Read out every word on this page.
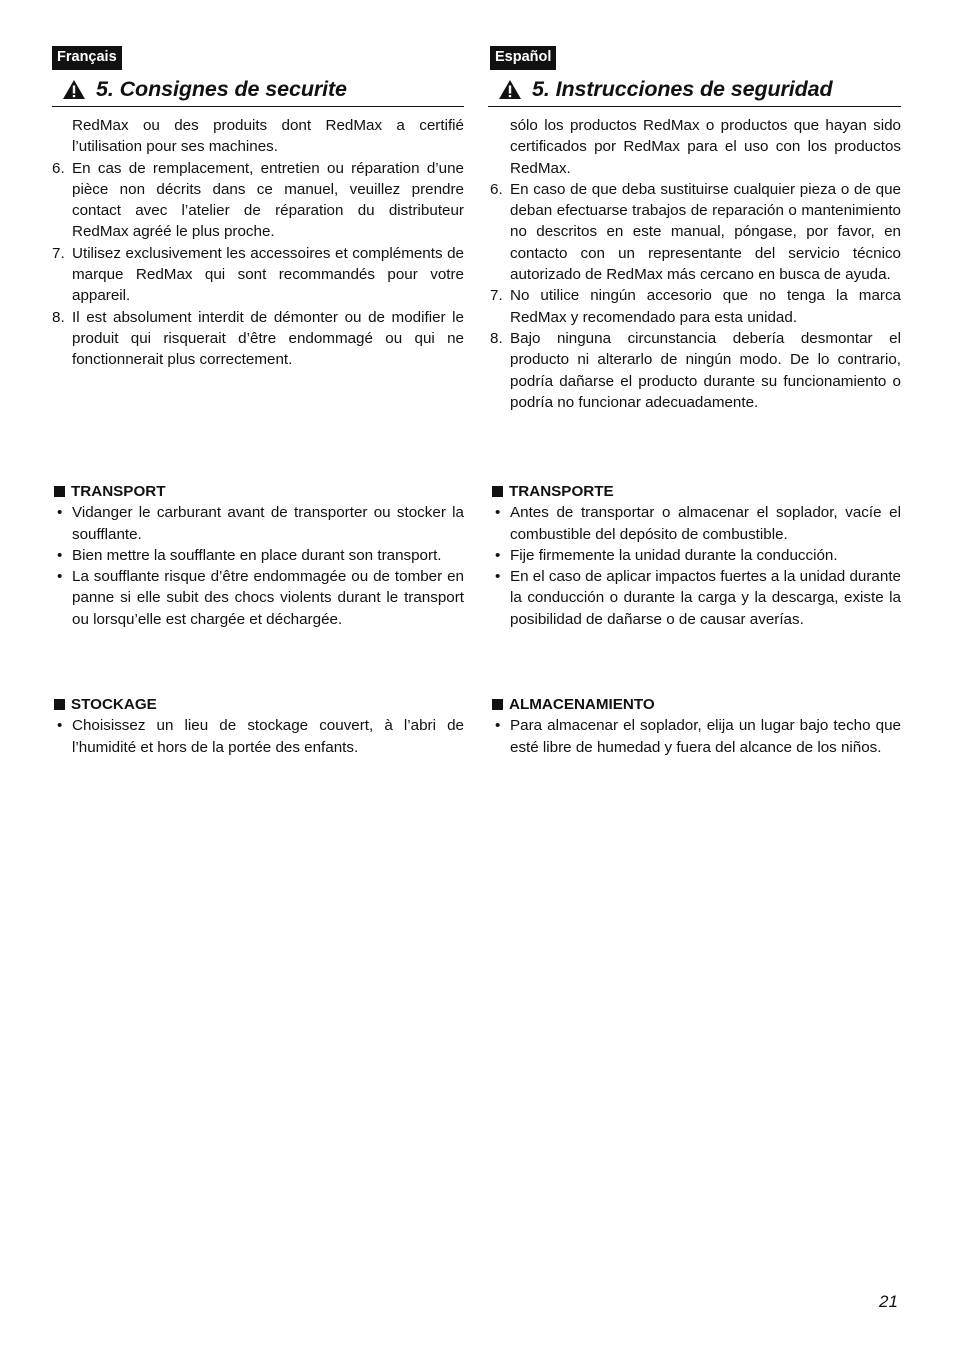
Français
5. Consignes de securite
RedMax ou des produits dont RedMax a certifié l’utilisation pour ses machines.
6. En cas de remplacement, entretien ou réparation d’une pièce non décrits dans ce manuel, veuillez prendre contact avec l’atelier de réparation du distributeur RedMax agréé le plus proche.
7. Utilisez exclusivement les accessoires et compléments de marque RedMax qui sont recommandés pour votre appareil.
8. Il est absolument interdit de démonter ou de modifier le produit qui risquerait d’être endommagé ou qui ne fonctionnerait plus correctement.
TRANSPORT
• Vidanger le carburant avant de transporter ou stocker la soufflante.
• Bien mettre la soufflante en place durant son transport.
• La soufflante risque d’être endommagée ou de tomber en panne si elle subit des chocs violents durant le transport ou lorsqu’elle est chargée et déchargée.
STOCKAGE
• Choisissez un lieu de stockage couvert, à l’abri de l’humidité et hors de la portée des enfants.
Español
5. Instrucciones de seguridad
sólo los productos RedMax o productos que hayan sido certificados por RedMax para el uso con los productos RedMax.
6. En caso de que deba sustituirse cualquier pieza o de que deban efectuarse trabajos de reparación o mantenimiento no descritos en este manual, póngase, por favor, en contacto con un representante del servicio técnico autorizado de RedMax más cercano en busca de ayuda.
7. No utilice ningún accesorio que no tenga la marca RedMax y recomendado para esta unidad.
8. Bajo ninguna circunstancia debería desmontar el producto ni alterarlo de ningún modo. De lo contrario, podría dañarse el producto durante su funcionamiento o podría no funcionar adecuadamente.
TRANSPORTE
• Antes de transportar o almacenar el soplador, vacíe el combustible del depósito de combustible.
• Fije firmemente la unidad durante la conducción.
• En el caso de aplicar impactos fuertes a la unidad durante la conducción o durante la carga y la descarga, existe la posibilidad de dañarse o de causar averías.
ALMACENAMIENTO
• Para almacenar el soplador, elija un lugar bajo techo que esté libre de humedad y fuera del alcance de los niños.
21
